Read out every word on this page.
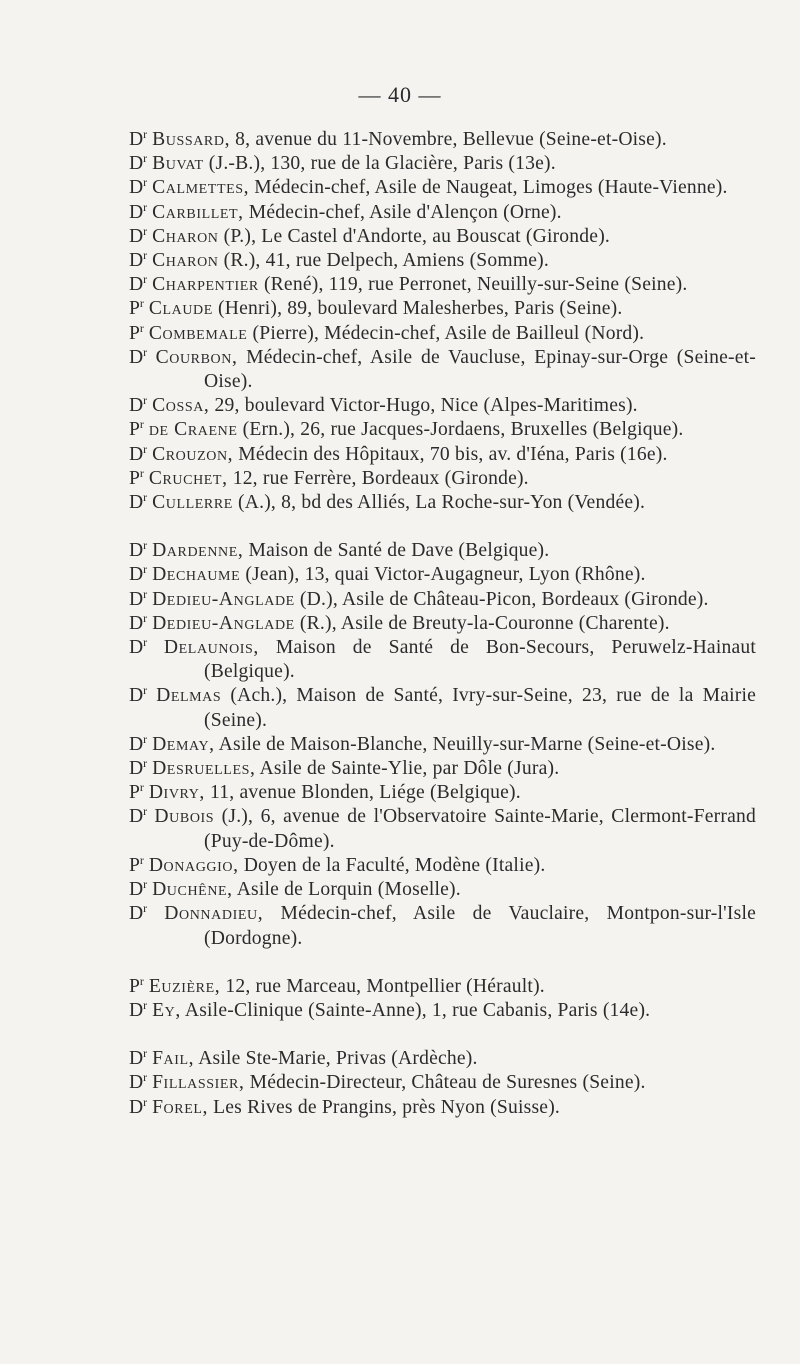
— 40 —

$D^r$ Bussard, 8, avenue du 11-Novembre, Bellevue (Seine-et-Oise).

$D^r$ Buvat (J.-B.), 130, rue de la Glacière, Paris (13e).

$D^r$ Calmettes, Médecin-chef, Asile de Naugeat, Limoges (Haute-Vienne).

$D^r$ Carbillet, Médecin-chef, Asile d'Alençon (Orne).

$D^r$ Charon (P.), Le Castel d'Andorte, au Bouscat (Gironde).

$D^r$ Charon (R.), 41, rue Delpech, Amiens (Somme).

$D^r$ Charpentier (René), 119, rue Perronet, Neuilly-sur-Seine (Seine).

$P^r$ Claude (Henri), 89, boulevard Malesherbes, Paris (Seine).

$P^r$ Combemale (Pierre), Médecin-chef, Asile de Bailleul (Nord).

$D^r$ Courbon, Médecin-chef, Asile de Vaucluse, Epinay-sur-Orge (Seine-et-Oise).

$D^r$ Cossa, 29, boulevard Victor-Hugo, Nice (Alpes-Maritimes).

$P^r$ de Craene (Ern.), 26, rue Jacques-Jordaens, Bruxelles (Belgique).

$D^r$ Crouzon, Médecin des Hôpitaux, 70 bis, av. d'Iéna, Paris (16e).

$P^r$ Cruchet, 12, rue Ferrère, Bordeaux (Gironde).

$D^r$ Cullerre (A.), 8, bd des Alliés, La Roche-sur-Yon (Vendée).

$D^r$ Dardenne, Maison de Santé de Dave (Belgique).

$D^r$ Dechaume (Jean), 13, quai Victor-Augagneur, Lyon (Rhône).

$D^r$ Dedieu-Anglade (D.), Asile de Château-Picon, Bordeaux (Gironde).

$D^r$ Dedieu-Anglade (R.), Asile de Breuty-la-Couronne (Charente).

$D^r$ Delaunois, Maison de Santé de Bon-Secours, Peruwelz-Hainaut (Belgique).

$D^r$ Delmas (Ach.), Maison de Santé, Ivry-sur-Seine, 23, rue de la Mairie (Seine).

$D^r$ Demay, Asile de Maison-Blanche, Neuilly-sur-Marne (Seine-et-Oise).

$D^r$ Desruelles, Asile de Sainte-Ylie, par Dôle (Jura).

$P^r$ Divry, 11, avenue Blonden, Liége (Belgique).

$D^r$ Dubois (J.), 6, avenue de l'Observatoire Sainte-Marie, Clermont-Ferrand (Puy-de-Dôme).

$P^r$ Donaggio, Doyen de la Faculté, Modène (Italie).

$D^r$ Duchêne, Asile de Lorquin (Moselle).

$D^r$ Donnadieu, Médecin-chef, Asile de Vauclaire, Montpon-sur-l'Isle (Dordogne).

$P^r$ Euzière, 12, rue Marceau, Montpellier (Hérault).

$D^r$ Ey, Asile-Clinique (Sainte-Anne), 1, rue Cabanis, Paris (14e).

$D^r$ Fail, Asile Ste-Marie, Privas (Ardèche).

$D^r$ Fillassier, Médecin-Directeur, Château de Suresnes (Seine).

$D^r$ Forel, Les Rives de Prangins, près Nyon (Suisse).
